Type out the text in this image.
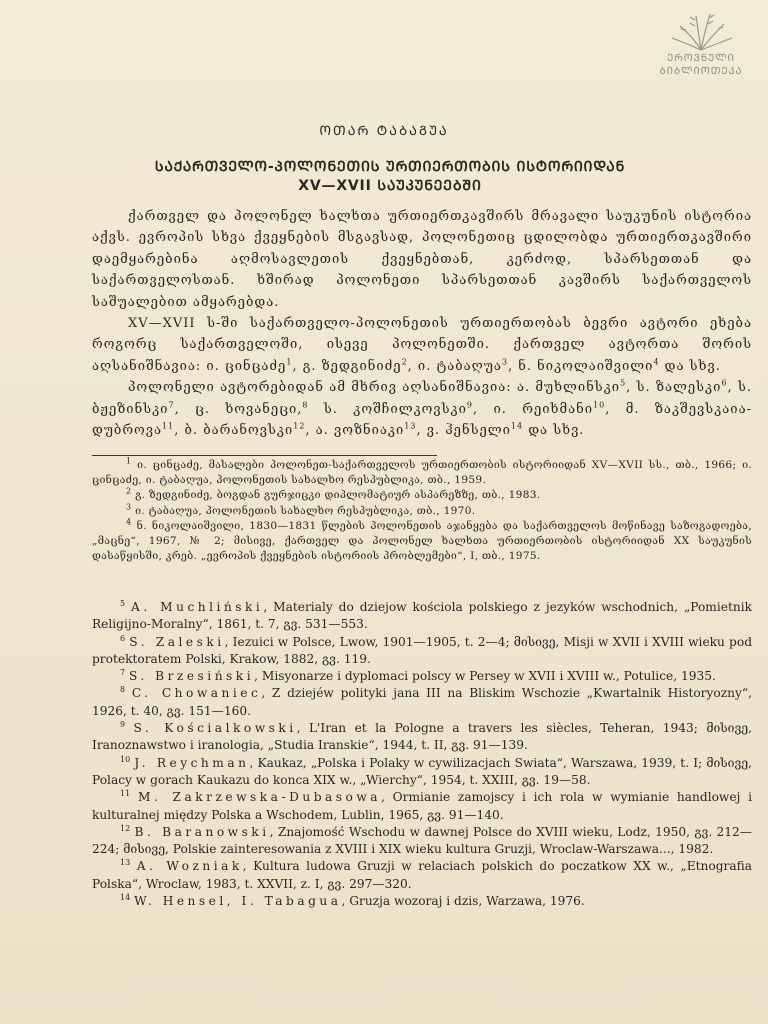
ᲔᲠᲝᲕᲜᲣᲚᲘ
ᲑᲘᲑᲚᲘᲝᲗᲔᲙᲐ
ᲝᲗᲐᲠ ᲢᲐᲑᲐᲒᲣᲐ
ᲡᲐᲥᲐᲠᲗᲕᲔᲚᲝ-ᲞᲝᲚᲝᲜᲔᲗᲘᲡ ᲣᲠᲗᲘᲔᲠᲗᲝᲑᲘᲡ ᲘᲡᲢᲝᲠᲘᲘᲓᲐᲜ
XV—XVII ᲡᲐᲣᲙᲣᲜᲔᲔᲑᲨᲘ

ქართველ და პოლონელ ხალხთა ურთიერთკავშირს მრავალი საუკუნის ისტორია აქვს. ევროპის სხვა ქვეყნების მსგავსად, პოლონეთიც ცდილობდა ურთიერთკავშირი დაემყარებინა აღმოსავლეთის ქვეყნებთან, კერძოდ, სპარსეთთან და საქართველოსთან. ხშირად პოლონეთი სპარსეთთან კავშირს საქართველოს საშუალებით ამყარებდა.

XV—XVII ს-ში საქართველო-პოლონეთის ურთიერთობას ბევრი ავტორი ეხება როგორც საქართველოში, ისევე პოლონეთში. ქართველ ავტორთა შორის აღსანიშნავია: ი. ცინცაძე$^1$, გ. ზედგინიძე$^2$, ი. ტაბაღუა$^3$, ნ. ნიკოლაიშვილი$^4$ და სხვ.

პოლონელი ავტორებიდან ამ მხრივ აღსანიშნავია: ა. მუხლინსკი$^5$, ს. ზალესკი$^6$, ს. ბჟეზინსკი$^7$, ც. ხოვანეცი,$^8$ ს. კოშჩილკოვსკი$^9$, ი. რეიხმანი$^{10}$, მ. ზაკშევსკაია-დუბროვა$^{11}$, ბ. ბარანოვსკი$^{12}$, ა. ვოზნიაკი$^{13}$, ვ. ჰენსელი$^{14}$ და სხვ.

$^1$ ი. ცინცაძე, მასალები პოლონეთ-საქართველოს ურთიერთობის ისტორიიდან XV—XVII სს., თბ., 1966; ი. ცინცაძე, ი. ტაბაღუა, პოლონეთის სახალხო რესპუბლიკა, თბ., 1959.

$^2$ გ. ზედგინიძე, ბოგდან გურჯიცკი დიპლომატიურ ასპარეზზე, თბ., 1983.

$^3$ ი. ტაბაღუა, პოლონეთის სახალხო რესპუბლიკა, თბ., 1970.

$^4$ ნ. ნიკოლაიშვილი, 1830—1831 წლების პოლონეთის აჯანყება და საქართველოს მოწინავე საზოგადოება, „მაცნე“, 1967, № 2; მისივე, ქართველ და პოლონელ ხალხთა ურთიერთობის ისტორიიდან XX საუკუნის დასაწყისში, კრებ. „ევროპის ქვეყნების ისტორიის პრობლემები“, I, თბ., 1975.

$^5$ A. Muchliński, Materialy do dziejow kościola polskiego z jezyków wschodnich, „Pomietnik Religijno-Moralny“, 1861, t. 7, გვ. 531—553.

$^6$ S. Zaleski, Iezuici w Polsce, Lwow, 1901—1905, t. 2—4; მისივე, Misji w XVII i XVIII wieku pod protektoratem Polski, Krakow, 1882, გვ. 119.

$^7$ S. Brzesiński, Misyonarze i dyplomaci polscy w Persey w XVII i XVIII w., Potulice, 1935.

$^8$ C. Chowaniec, Z dziejéw polityki jana III na Bliskim Wschozie „Kwartalnik Historyozny“, 1926, t. 40, გვ. 151—160.

$^9$ S. Kościalkowski, L'Iran et la Pologne a travers les siècles, Teheran, 1943; მისივე, Iranoznawstwo i iranologia, „Studia Iranskie“, 1944, t. II, გვ. 91—139.

$^{10}$ J. Reychman, Kaukaz, „Polska i Polaky w cywilizacjach Swiata“, Warszawa, 1939, t. I; მისივე, Polacy w gorach Kaukazu do konca XIX w., „Wierchy“, 1954, t. XXIII, გვ. 19—58.

$^{11}$ M. Zakrzewska-Dubasowa, Ormianie zamojscy i ich rola w wymianie handlowej i kulturalnej między Polska a Wschodem, Lublin, 1965, გვ. 91—140.

$^{12}$ B. Baranowski, Znajomość Wschodu w dawnej Polsce do XVIII wieku, Lodz, 1950, გვ. 212—224; მისივე, Polskie zainteresowania z XVIII i XIX wieku kultura Gruzji, Wroclaw-Warszawa..., 1982.

$^{13}$ A. Wozniak, Kultura ludowa Gruzji w relaciach polskich do poczatkow XX w., „Etnografia Polska“, Wroclaw, 1983, t. XXVII, z. I, გვ. 297—320.

$^{14}$ W. Hensel, I. Tabagua, Gruzja wozoraj i dzis, Warzawa, 1976.
